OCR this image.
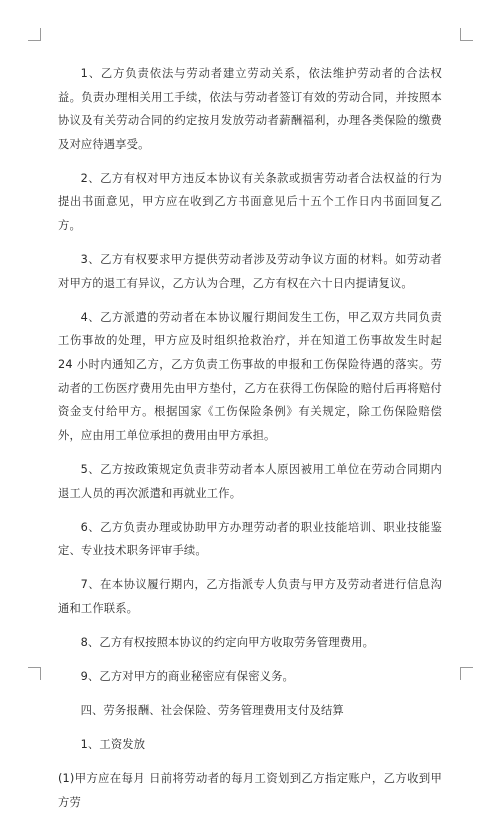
1、乙方负责依法与劳动者建立劳动关系，依法维护劳动者的合法权益。负责办理相关用工手续，依法与劳动者签订有效的劳动合同，并按照本协议及有关劳动合同的约定按月发放劳动者薪酬福利，办理各类保险的缴费及对应待遇享受。

2、乙方有权对甲方违反本协议有关条款或损害劳动者合法权益的行为提出书面意见，甲方应在收到乙方书面意见后十五个工作日内书面回复乙方。

3、乙方有权要求甲方提供劳动者涉及劳动争议方面的材料。如劳动者对甲方的退工有异议，乙方认为合理，乙方有权在六十日内提请复议。

4、乙方派遣的劳动者在本协议履行期间发生工伤，甲乙双方共同负责工伤事故的处理，甲方应及时组织抢救治疗，并在知道工伤事故发生时起 24 小时内通知乙方，乙方负责工伤事故的申报和工伤保险待遇的落实。劳动者的工伤医疗费用先由甲方垫付，乙方在获得工伤保险的赔付后再将赔付资金支付给甲方。根据国家《工伤保险条例》有关规定，除工伤保险赔偿外，应由用工单位承担的费用由甲方承担。

5、乙方按政策规定负责非劳动者本人原因被用工单位在劳动合同期内退工人员的再次派遣和再就业工作。

6、乙方负责办理或协助甲方办理劳动者的职业技能培训、职业技能鉴定、专业技术职务评审手续。

7、在本协议履行期内，乙方指派专人负责与甲方及劳动者进行信息沟通和工作联系。

8、乙方有权按照本协议的约定向甲方收取劳务管理费用。

9、乙方对甲方的商业秘密应有保密义务。

四、劳务报酬、社会保险、劳务管理费用支付及结算

1、工资发放

(1)甲方应在每月 日前将劳动者的每月工资划到乙方指定账户，乙方收到甲方劳
